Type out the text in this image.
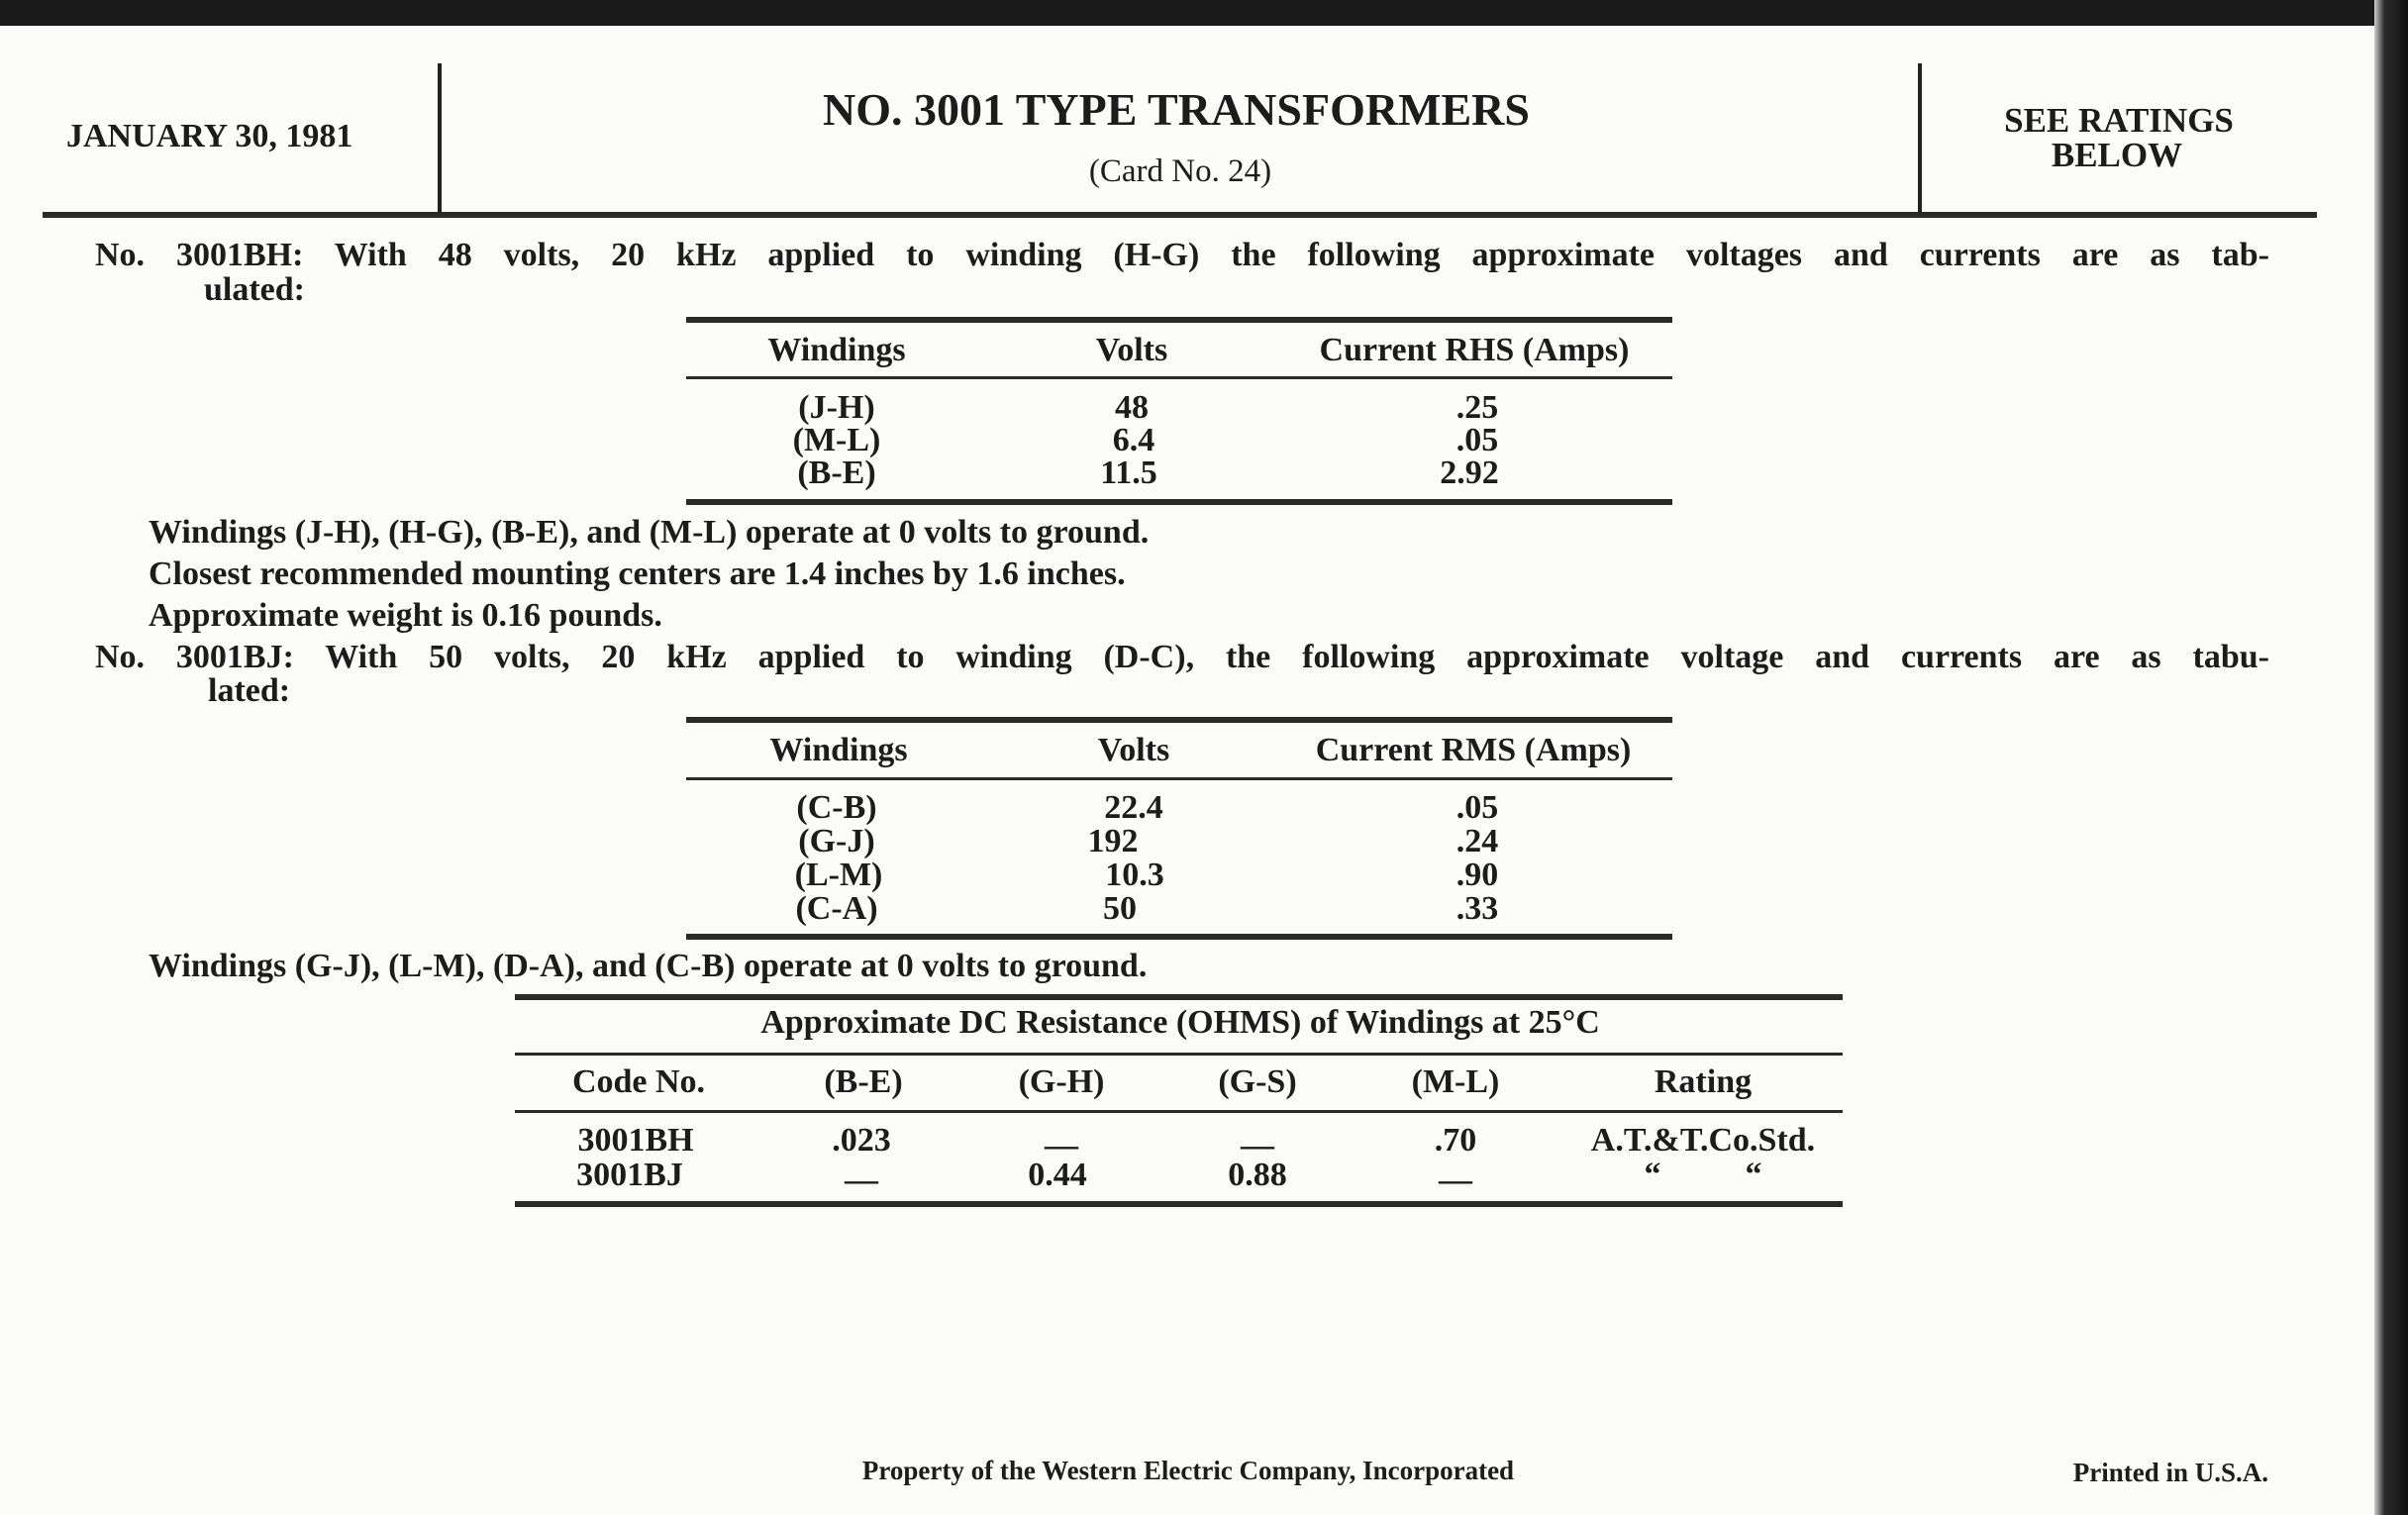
JANUARY 30, 1981
NO. 3001 TYPE TRANSFORMERS
(Card No. 24)
SEE RATINGS
BELOW
No. 3001BH: With 48 volts, 20 kHz applied to winding (H-G) the following approximate voltages and currents are as tab-
ulated:
Windings	Volts	Current RHS (Amps)
(J-H)	48	.25
(M-L)	6.4	.05
(B-E)	11.5	2.92
Windings (J-H), (H-G), (B-E), and (M-L) operate at 0 volts to ground.
Closest recommended mounting centers are 1.4 inches by 1.6 inches.
Approximate weight is 0.16 pounds.
No. 3001BJ: With 50 volts, 20 kHz applied to winding (D-C), the following approximate voltage and currents are as tabu-
lated:
Windings	Volts	Current RMS (Amps)
(C-B)	22.4	.05
(G-J)	192	.24
(L-M)	10.3	.90
(C-A)	50	.33
Windings (G-J), (L-M), (D-A), and (C-B) operate at 0 volts to ground.
Approximate DC Resistance (OHMS) of Windings at 25°C
Code No.	(B-E)	(G-H)	(G-S)	(M-L)	Rating
3001BH	.023	—	—	.70	A.T.&T.Co.Std.
3001BJ	—	0.44	0.88	—	“          “
Property of the Western Electric Company, Incorporated	Printed in U.S.A.
